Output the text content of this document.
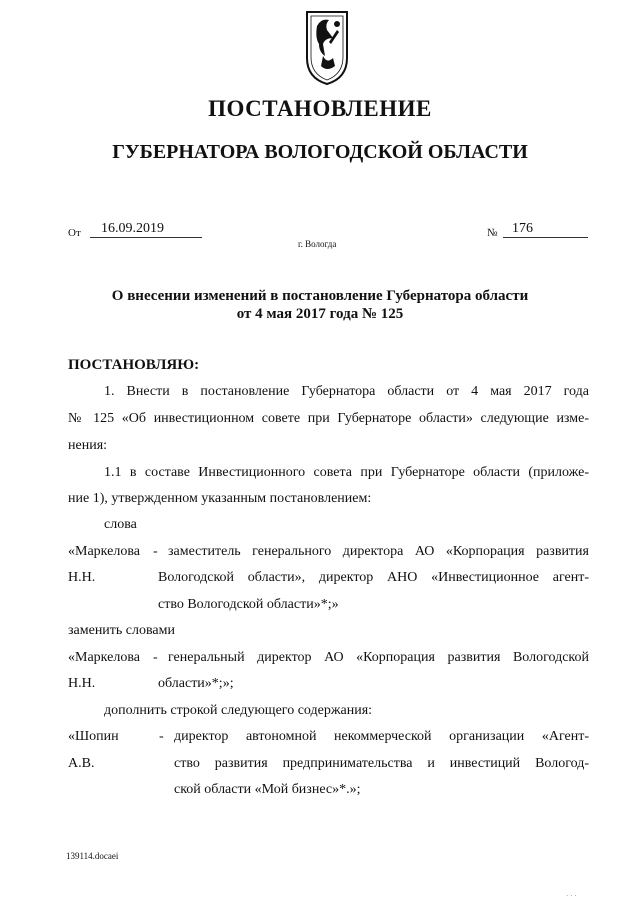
ПОСТАНОВЛЕНИЕ
ГУБЕРНАТОРА ВОЛОГОДСКОЙ ОБЛАСТИ
От 16.09.2019	№ 176
г. Вологда
О внесении изменений в постановление Губернатора области
от 4 мая 2017 года № 125
ПОСТАНОВЛЯЮ:
1. Внести в постановление Губернатора области от 4 мая 2017 года
№ 125 «Об инвестиционном совете при Губернаторе области» следующие изме-
нения:
1.1 в составе Инвестиционного совета при Губернаторе области (приложе-
ние 1), утвержденном указанным постановлением:
слова
«Маркелова - заместитель генерального директора АО «Корпорация развития
Н.Н.	Вологодской области», директор АНО «Инвестиционное агент-
ство Вологодской области»*;»
заменить словами
«Маркелова - генеральный директор АО «Корпорация развития Вологодской
Н.Н.	области»*;»;
дополнить строкой следующего содержания:
«Шопин	- директор автономной некоммерческой организации «Агент-
А.В.	ство развития предпринимательства и инвестиций Вологод-
ской области «Мой бизнес»*.»;
139114.docaei
· · ·
